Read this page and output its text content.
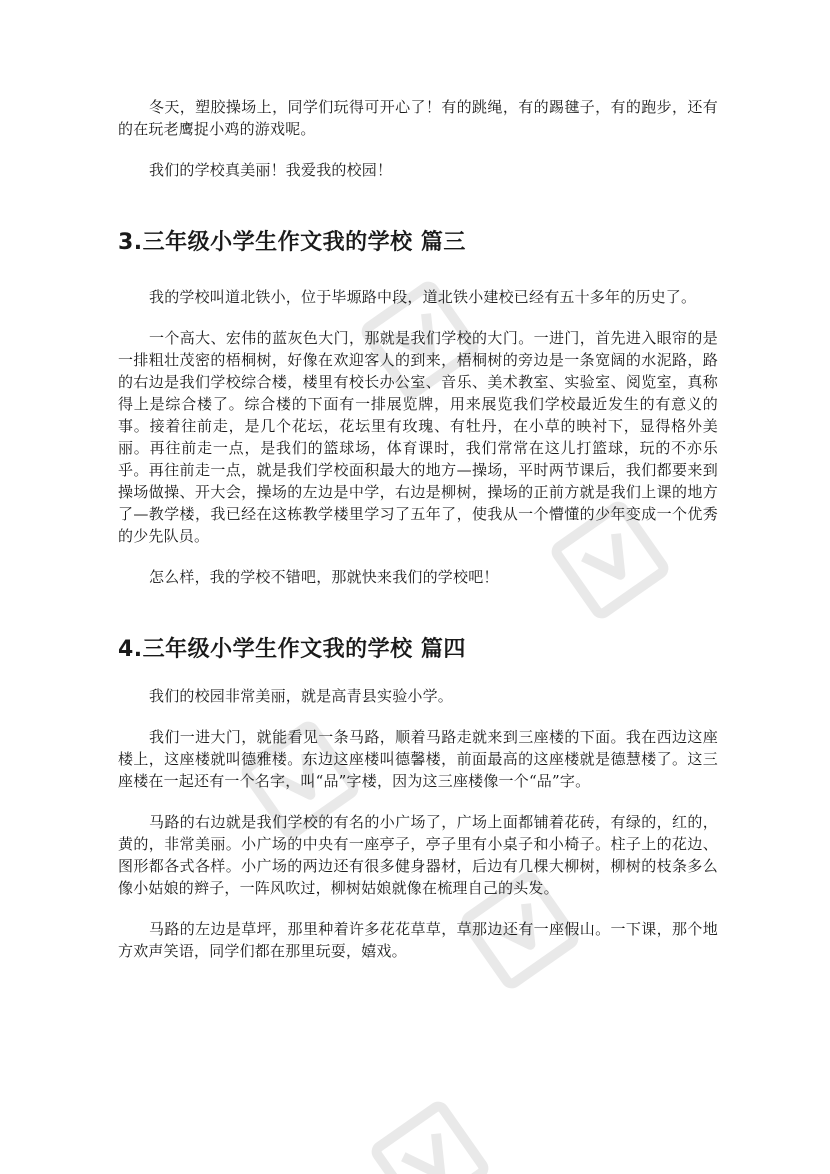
冬天，塑胶操场上，同学们玩得可开心了！有的跳绳，有的踢毽子，有的跑步，还有的在玩老鹰捉小鸡的游戏呢。

我们的学校真美丽！我爱我的校园！

3.三年级小学生作文我的学校 篇三

我的学校叫道北铁小，位于毕塬路中段，道北铁小建校已经有五十多年的历史了。

一个高大、宏伟的蓝灰色大门，那就是我们学校的大门。一进门，首先进入眼帘的是一排粗壮茂密的梧桐树，好像在欢迎客人的到来，梧桐树的旁边是一条宽阔的水泥路，路的右边是我们学校综合楼，楼里有校长办公室、音乐、美术教室、实验室、阅览室，真称得上是综合楼了。综合楼的下面有一排展览牌，用来展览我们学校最近发生的有意义的事。接着往前走，是几个花坛，花坛里有玫瑰、有牡丹，在小草的映衬下，显得格外美丽。再往前走一点，是我们的篮球场，体育课时，我们常常在这儿打篮球，玩的不亦乐乎。再往前走一点，就是我们学校面积最大的地方—操场，平时两节课后，我们都要来到操场做操、开大会，操场的左边是中学，右边是柳树，操场的正前方就是我们上课的地方了—教学楼，我已经在这栋教学楼里学习了五年了，使我从一个懵懂的少年变成一个优秀的少先队员。

怎么样，我的学校不错吧，那就快来我们的学校吧！

4.三年级小学生作文我的学校 篇四

我们的校园非常美丽，就是高青县实验小学。

我们一进大门，就能看见一条马路，顺着马路走就来到三座楼的下面。我在西边这座楼上，这座楼就叫德雅楼。东边这座楼叫德馨楼，前面最高的这座楼就是德慧楼了。这三座楼在一起还有一个名字，叫“品”字楼，因为这三座楼像一个“品”字。

马路的右边就是我们学校的有名的小广场了，广场上面都铺着花砖，有绿的，红的，黄的，非常美丽。小广场的中央有一座亭子，亭子里有小桌子和小椅子。柱子上的花边、图形都各式各样。小广场的两边还有很多健身器材，后边有几棵大柳树，柳树的枝条多么像小姑娘的辫子，一阵风吹过，柳树姑娘就像在梳理自己的头发。

马路的左边是草坪，那里种着许多花花草草，草那边还有一座假山。一下课，那个地方欢声笑语，同学们都在那里玩耍，嬉戏。
